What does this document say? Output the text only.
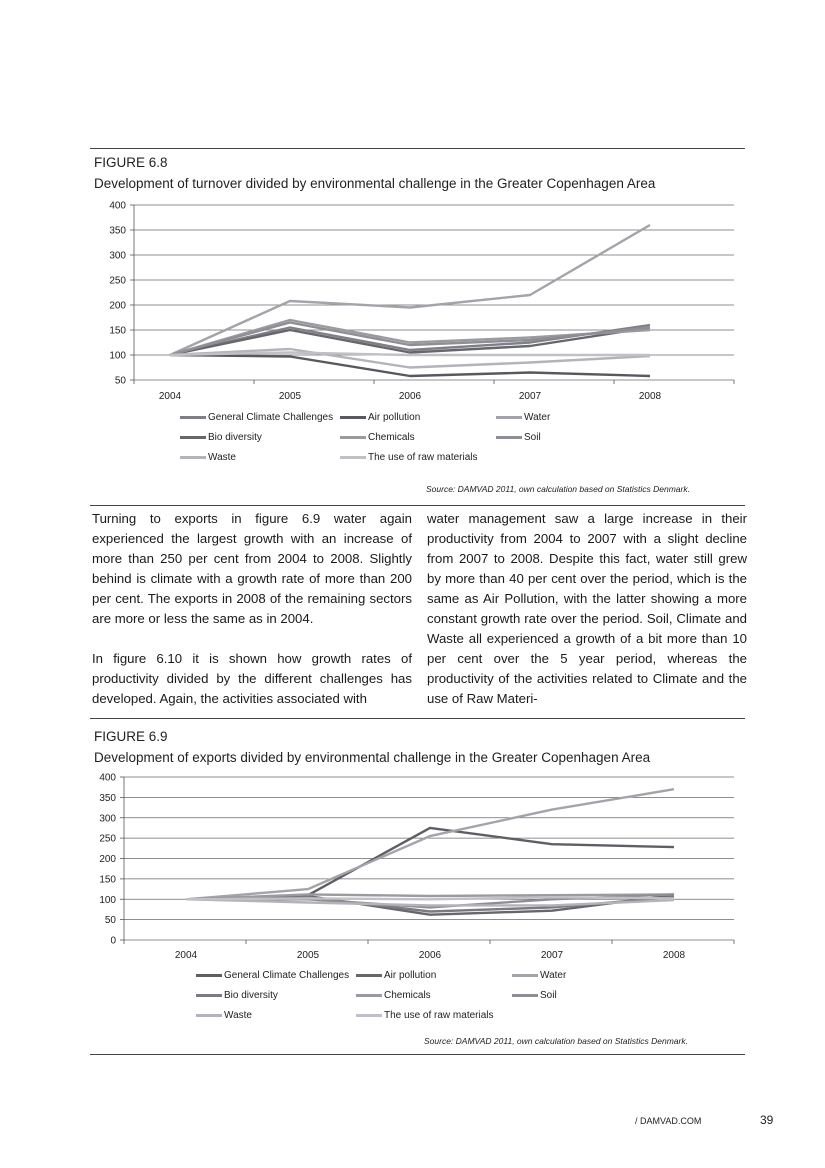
FIGURE 6.8
Development of turnover divided by environmental challenge in the Greater Copenhagen Area
50
100
150
200
250
300
350
400
2004	2005	2006	2007	2008
General Climate Challenges	Air pollution	Water
Bio diversity	Chemicals	Soil
Waste	The use of raw materials
Source: DAMVAD 2011, own calculation based on Statistics Denmark.

Turning to exports in figure 6.9 water again experienced the largest growth with an increase of more than 250 per cent from 2004 to 2008. Slightly behind is climate with a growth rate of more than 200 per cent. The exports in 2008 of the remaining sectors are more or less the same as in 2004.

In figure 6.10 it is shown how growth rates of productivity divided by the different challenges has developed. Again, the activities associated with

water management saw a large increase in their productivity from 2004 to 2007 with a slight decline from 2007 to 2008. Despite this fact, water still grew by more than 40 per cent over the period, which is the same as Air Pollution, with the latter showing a more constant growth rate over the period. Soil, Climate and Waste all experienced a growth of a bit more than 10 per cent over the 5 year period, whereas the productivity of the activities related to Climate and the use of Raw Materi-

FIGURE 6.9
Development of exports divided by environmental challenge in the Greater Copenhagen Area
0
50
100
150
200
250
300
350
400
2004	2005	2006	2007	2008
General Climate Challenges	Air pollution	Water
Bio diversity	Chemicals	Soil
Waste	The use of raw materials
Source: DAMVAD 2011, own calculation based on Statistics Denmark.
/ DAMVAD.COM	39
